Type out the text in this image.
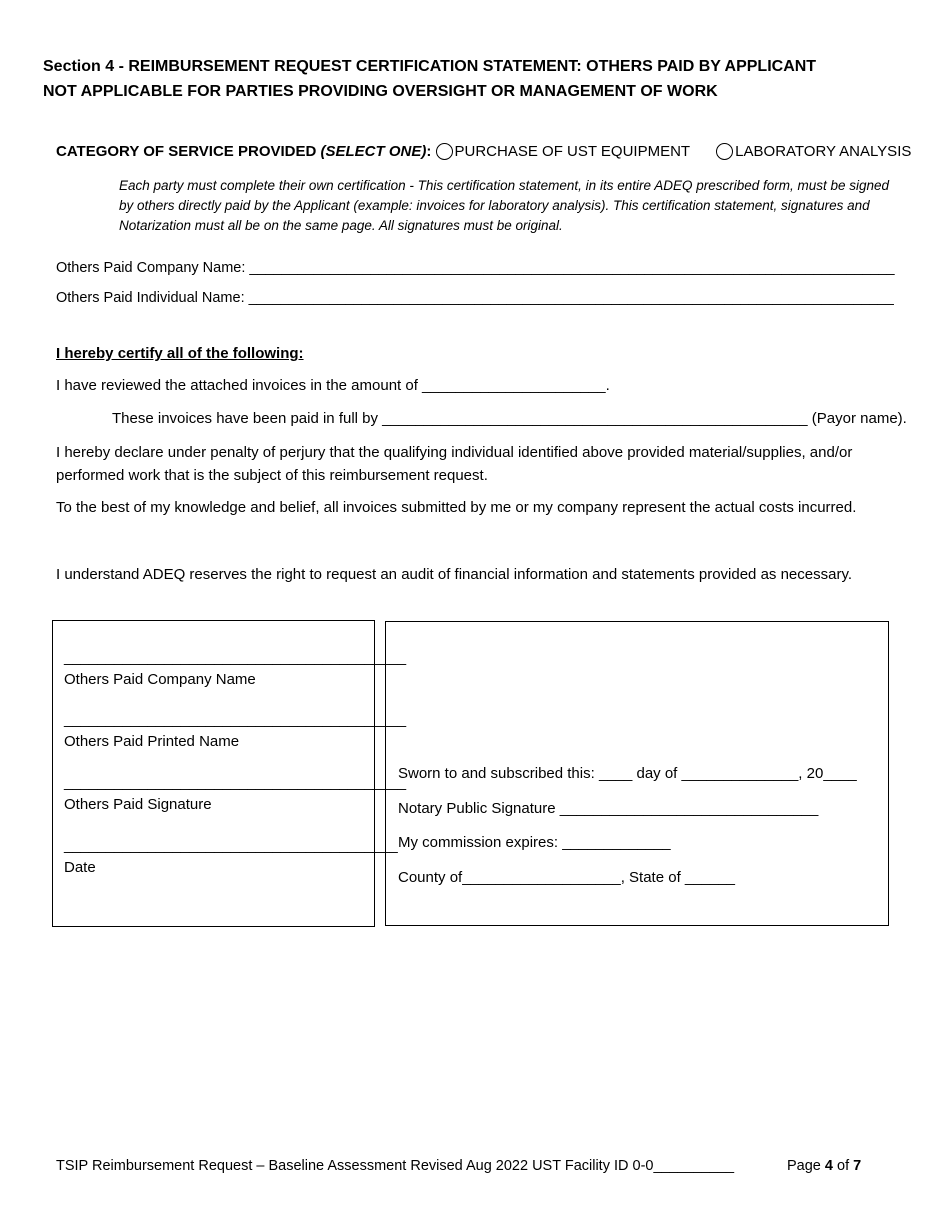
Section 4 - REIMBURSEMENT REQUEST CERTIFICATION STATEMENT: OTHERS PAID BY APPLICANT
NOT APPLICABLE FOR PARTIES PROVIDING OVERSIGHT OR MANAGEMENT OF WORK
CATEGORY OF SERVICE PROVIDED (SELECT ONE): PURCHASE OF UST EQUIPMENT	LABORATORY ANALYSIS
Each party must complete their own certification - This certification statement, in its entire ADEQ prescribed form, must be signed by others directly paid by the Applicant (example: invoices for laboratory analysis). This certification statement, signatures and Notarization must all be on the same page. All signatures must be original.
Others Paid Company Name: ________________________________________________________________________________
Others Paid Individual Name: ________________________________________________________________________________
I hereby certify all of the following:
I have reviewed the attached invoices in the amount of ______________________.
These invoices have been paid in full by ___________________________________________________ (Payor name).
I hereby declare under penalty of perjury that the qualifying individual identified above provided material/supplies, and/or performed work that is the subject of this reimbursement request.
To the best of my knowledge and belief, all invoices submitted by me or my company represent the actual costs incurred.
I understand ADEQ reserves the right to request an audit of financial information and statements provided as necessary.
_________________________________________
Others Paid Company Name
_________________________________________
Others Paid Printed Name
_________________________________________
Others Paid Signature
________________________________________
Date
Sworn to and subscribed this: ____ day of ______________, 20____
Notary Public Signature _______________________________
My commission expires: _____________
County of___________________, State of ______
TSIP Reimbursement Request – Baseline Assessment Revised Aug 2022 UST Facility ID 0-0__________	Page 4 of 7
